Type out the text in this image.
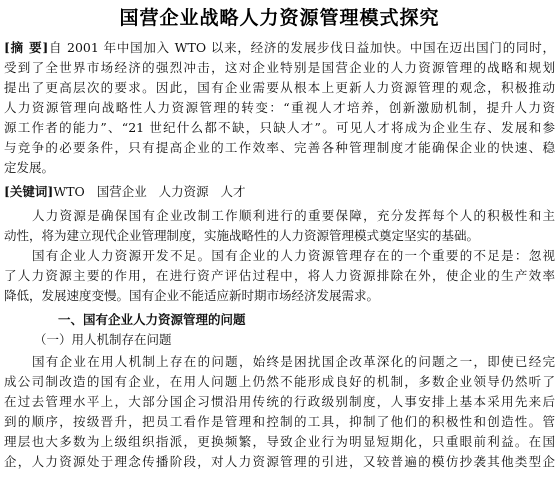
国营企业战略人力资源管理模式探究
[摘 要]自 2001 年中国加入 WTO 以来，经济的发展步伐日益加快。中国在迈出国门的同时，
受到了全世界市场经济的强烈冲击，这对企业特别是国营企业的人力资源管理的战略和规划
提出了更高层次的要求。因此，国有企业需要从根本上更新人力资源管理的观念，积极推动
人力资源管理向战略性人力资源管理的转变：“重视人才培养，创新激励机制，提升人力资
源工作者的能力”、“21 世纪什么都不缺，只缺人才”。可见人才将成为企业生存、发展和参
与竞争的必要条件，只有提高企业的工作效率、完善各种管理制度才能确保企业的快速、稳
定发展。
[关键词]WTO   国营企业   人力资源   人才
人力资源是确保国有企业改制工作顺利进行的重要保障，充分发挥每个人的积极性和主
动性，将为建立现代企业管理制度，实施战略性的人力资源管理模式奠定坚实的基础。
国有企业人力资源开发不足。国有企业的人力资源管理存在的一个重要的不足是：忽视
了人力资源主要的作用，在进行资产评估过程中，将人力资源排除在外，使企业的生产效率
降低，发展速度变慢。国有企业不能适应新时期市场经济发展需求。
一、国有企业人力资源管理的问题
（一）用人机制存在问题
国有企业在用人机制上存在的问题，始终是困扰国企改革深化的问题之一，即使已经完
成公司制改造的国有企业，在用人问题上仍然不能形成良好的机制，多数企业领导仍然听了
在过去管理水平上，大部分国企习惯沿用传统的行政级别制度，人事安排上基本采用先来后
到的顺序，按级晋升，把员工看作是管理和控制的工具，抑制了他们的积极性和创造性。管
理层也大多数为上级组织指派，更换频繁，导致企业行为明显短期化，只重眼前利益。在国
企，人力资源处于理念传播阶段，对人力资源管理的引进，又较普遍的模仿抄袭其他类型企
